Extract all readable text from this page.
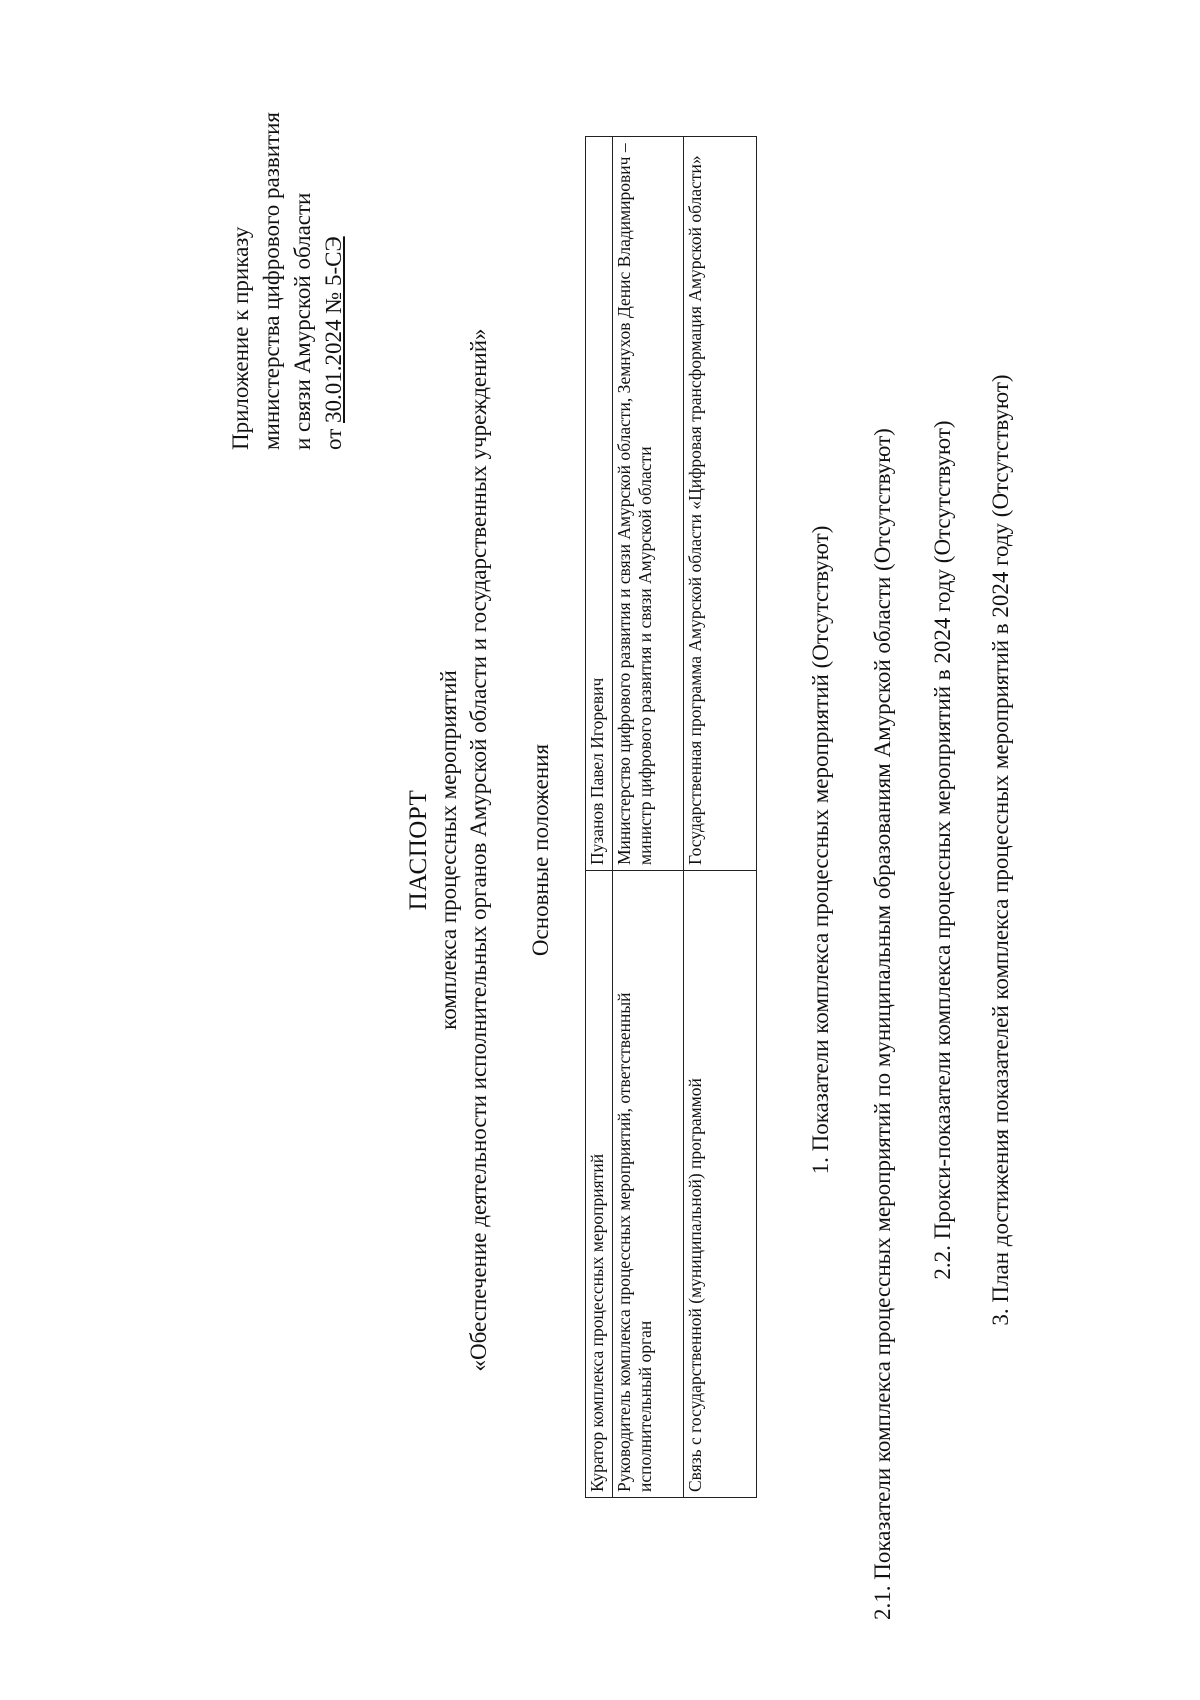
Приложение к приказу министерства цифрового развития и связи Амурской области от 30.01.2024 № 5-СЭ
ПАСПОРТ комплекса процессных мероприятий «Обеспечение деятельности исполнительных органов Амурской области и государственных учреждений» Основные положения
Куратор комплекса процессных мероприятий	Пузанов Павел Игоревич
Руководитель комплекса процессных мероприятий, ответственный исполнительный орган	Министерство цифрового развития и связи Амурской области, Земнухов Денис Владимирович – министр цифрового развития и связи Амурской области
Связь с государственной (муниципальной) программой	Государственная программа Амурской области «Цифровая трансформация Амурской области»	1. Показатели комплекса процессных мероприятий (Отсутствуют) 2.1. Показатели комплекса процессных мероприятий по муниципальным образованиям Амурской области (Отсутствуют) 2.2. Прокси-показатели комплекса процессных мероприятий в 2024 году (Отсутствуют) 3. План достижения показателей комплекса процессных мероприятий в 2024 году (Отсутствуют)
